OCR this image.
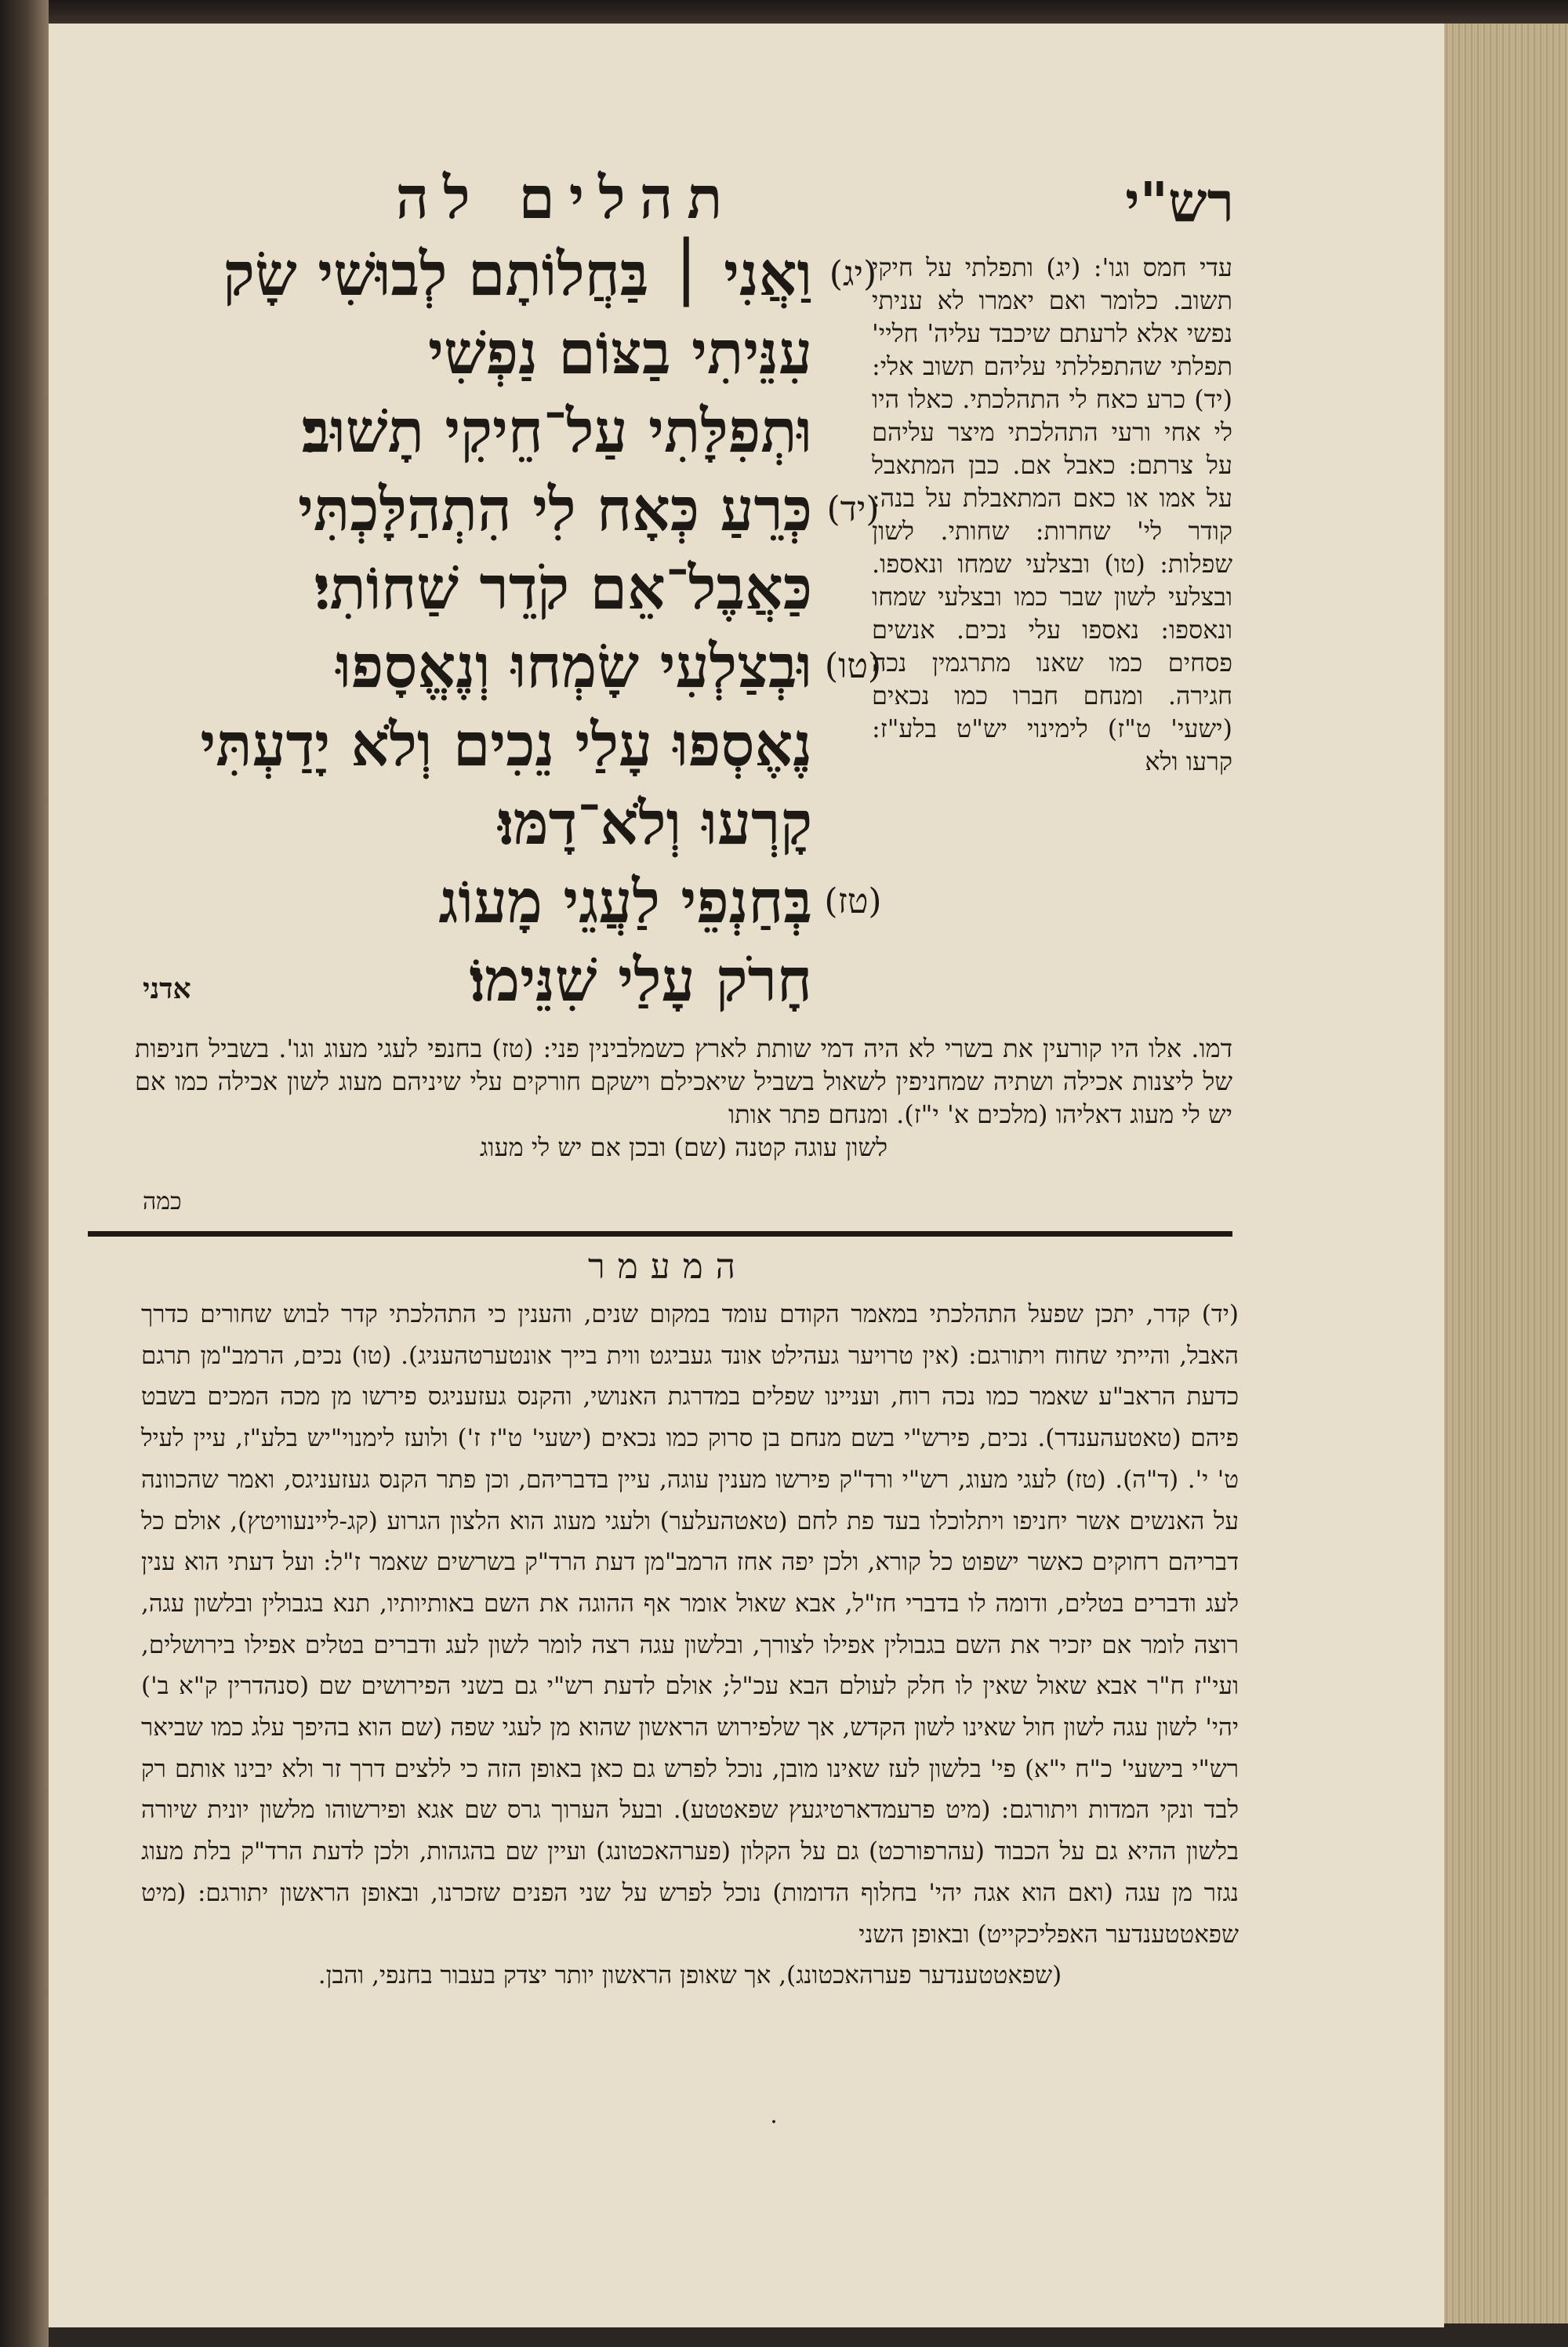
תהלים לה	רש"י
(יג)
וַאֲנִי ׀ בַּחֲלוֹתָם לְבוּשִׁי שָׂק
עִנֵּיתִי בַצּוֹם נַפְשִׁי
וּתְפִלָּתִי עַל־חֵיקִי תָשׁוּב׃
(יד)
כְּרֵעַ כְּאָח לִי הִתְהַלָּכְתִּי
כַּאֲבֶל־אֵם קֹדֵר שַׁחוֹתִי׃
(טו)
וּבְצַלְעִי שָׂמְחוּ וְנֶאֱסָפוּ
נֶאֶסְפוּ עָלַי נֵכִים וְלֹא יָדַעְתִּי
קָרְעוּ וְלֹא־דָמּוּ׃
(טז)
בְּחַנְפֵי לַעֲגֵי מָעוֹג
חָרֹק עָלַי שִׁנֵּימוֹ׃
אדני
עדי חמס וגו': (יג) ותפלתי על חיקי תשוב. כלומר ואם יאמרו לא עניתי נפשי אלא לרעתם שיכבד עליה' חליי' תפלתי שהתפללתי עליהם תשוב אלי: (יד) כרע כאח לי התהלכתי. כאלו היו לי אחי ורעי התהלכתי מיצר עליהם על צרתם: כאבל אם. כבן המתאבל על אמו או כאם המתאבלת על בנה: קודר לי' שחרות: שחותי. לשון שפלות: (טו) ובצלעי שמחו ונאספו. ובצלעי לשון שבר כמו ובצלעי שמחו ונאספו: נאספו עלי נכים. אנשים פסחים כמו שאנו מתרגמין נכה חגירה. ומנחם חברו כמו נכאים (ישעי' ט"ז) לימינוי יש"ט בלע"ז: קרעו ולא
דמו. אלו היו קורעין את בשרי לא היה דמי שותת לארץ כשמלבינין פני: (טז) בחנפי לעגי מעוג וגו'. בשביל חניפות של ליצנות אכילה ושתיה שמחניפין לשאול בשביל שיאכילם וישקם חורקים עלי שיניהם מעוג לשון אכילה כמו אם יש לי מעוג דאליהו (מלכים א' י"ז). ומנחם פתר אותו
לשון עוגה קטנה (שם) ובכן אם יש לי מעוג
כמה
המעמר
(יד) קדר, יתכן שפעל התהלכתי במאמר הקודם עומד במקום שנים, והענין כי התהלכתי קדר לבוש שחורים כדרך האבל, והייתי שחוח ויתורגם: (אין טרויער געהילט אונד געביגט ווית בייך אונטערטהעניג). (טו) נכים, הרמב"מן תרגם כדעת הראב"ע שאמר כמו נכה רוח, ועניינו שפלים במדרגת האנושי, והקנס געזעניגס פירשו מן מכה המכים בשבט פיהם (טאטעהענדר). נכים, פירש"י בשם מנחם בן סרוק כמו נכאים (ישעי' ט"ז ז') ולועז לימנוי"יש בלע"ז, עיין לעיל ט' י'. (ד"ה). (טז) לעגי מעוג, רש"י ורד"ק פירשו מענין עוגה, עיין בדבריהם, וכן פתר הקנס געזעניגס, ואמר שהכוונה על האנשים אשר יחניפו ויתלוכלו בעד פת לחם (טאטהעלער) ולעגי מעוג הוא הלצון הגרוע (קג-ליינעוויטץ), אולם כל דבריהם רחוקים כאשר ישפוט כל קורא, ולכן יפה אחז הרמב"מן דעת הרד"ק בשרשים שאמר ז"ל: ועל דעתי הוא ענין לעג ודברים בטלים, ודומה לו בדברי חז"ל, אבא שאול אומר אף ההוגה את השם באותיותיו, תנא בגבולין ובלשון עגה, רוצה לומר אם יזכיר את השם בגבולין אפילו לצורך, ובלשון עגה רצה לומר לשון לעג ודברים בטלים אפילו בירושלים, ועי"ז ח"ר אבא שאול שאין לו חלק לעולם הבא עכ"ל; אולם לדעת רש"י גם בשני הפירושים שם (סנהדרין ק"א ב') יהי' לשון עגה לשון חול שאינו לשון הקדש, אך שלפירוש הראשון שהוא מן לעגי שפה (שם הוא בהיפך עלג כמו שביאר רש"י בישעי' כ"ח י"א) פי' בלשון לעז שאינו מובן, נוכל לפרש גם כאן באופן הזה כי ללצים דרך זר ולא יבינו אותם רק לבד ונקי המדות ויתורגם: (מיט פרעמדארטיגעץ שפאטטע). ובעל הערוך גרס שם אגא ופירשוהו מלשון יונית שיורה בלשון ההיא גם על הכבוד (עהרפורכט) גם על הקלון (פערהאכטונג) ועיין שם בהגהות, ולכן לדעת הרד"ק בלת מעוג נגזר מן עגה (ואם הוא אגה יהי' בחלוף הדומות) נוכל לפרש על שני הפנים שזכרנו, ובאופן הראשון יתורגם: (מיט שפאטטענדער האפליכקייט) ובאופן השני
(שפאטטענדער פערהאכטונג), אך שאופן הראשון יותר יצדק בעבור בחנפי, והבן.
․
